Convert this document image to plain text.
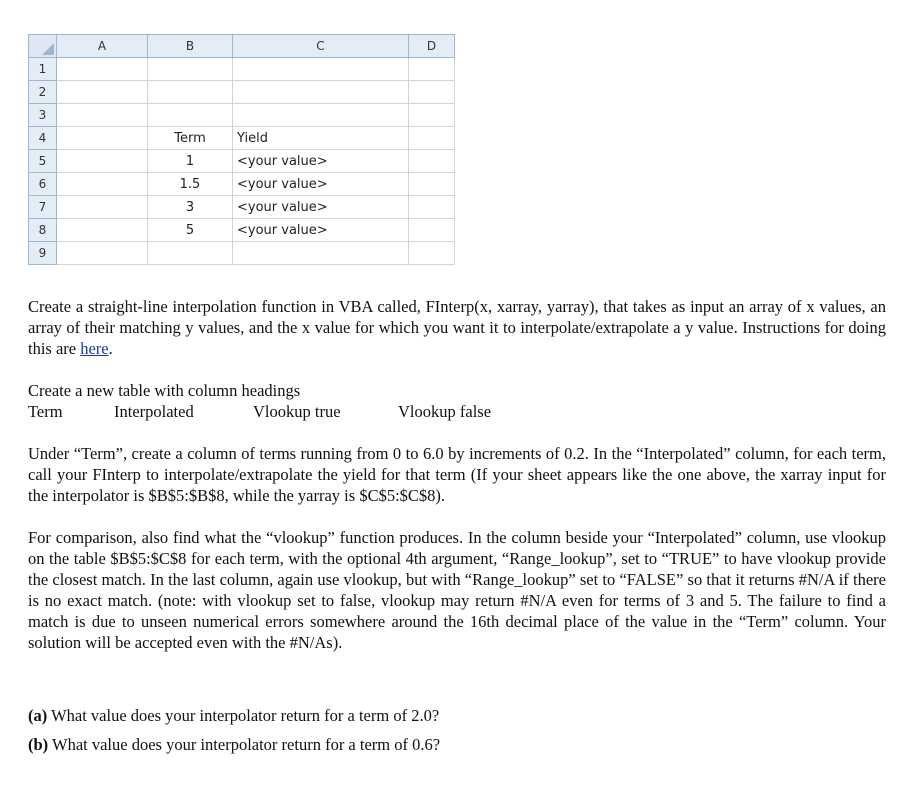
	A	B	C	D
1				
2				
3				
4		Term	Yield	
5		1	<your value>	
6		1.5	<your value>	
7		3	<your value>	
8		5	<your value>	
9				
Create a straight-line interpolation function in VBA called, FInterp(x, xarray, yarray), that takes as input an array of x values, an array of their matching y values, and the x value for which you want it to interpolate/extrapolate a y value. Instructions for doing this are here.
Create a new table with column headings
Term	Interpolated	Vlookup true	Vlookup false
Under “Term”, create a column of terms running from 0 to 6.0 by increments of 0.2. In the “Interpolated” column, for each term, call your FInterp to interpolate/extrapolate the yield for that term (If your sheet appears like the one above, the xarray input for the interpolator is $B$5:$B$8, while the yarray is $C$5:$C$8).
For comparison, also find what the “vlookup” function produces. In the column beside your “Interpolated” column, use vlookup on the table $B$5:$C$8 for each term, with the optional 4th argument, “Range_lookup”, set to “TRUE” to have vlookup provide the closest match. In the last column, again use vlookup, but with “Range_lookup” set to “FALSE” so that it returns #N/A if there is no exact match. (note: with vlookup set to false, vlookup may return #N/A even for terms of 3 and 5. The failure to find a match is due to unseen numerical errors somewhere around the 16th decimal place of the value in the “Term” column. Your solution will be accepted even with the #N/As).
(a) What value does your interpolator return for a term of 2.0?
(b) What value does your interpolator return for a term of 0.6?
